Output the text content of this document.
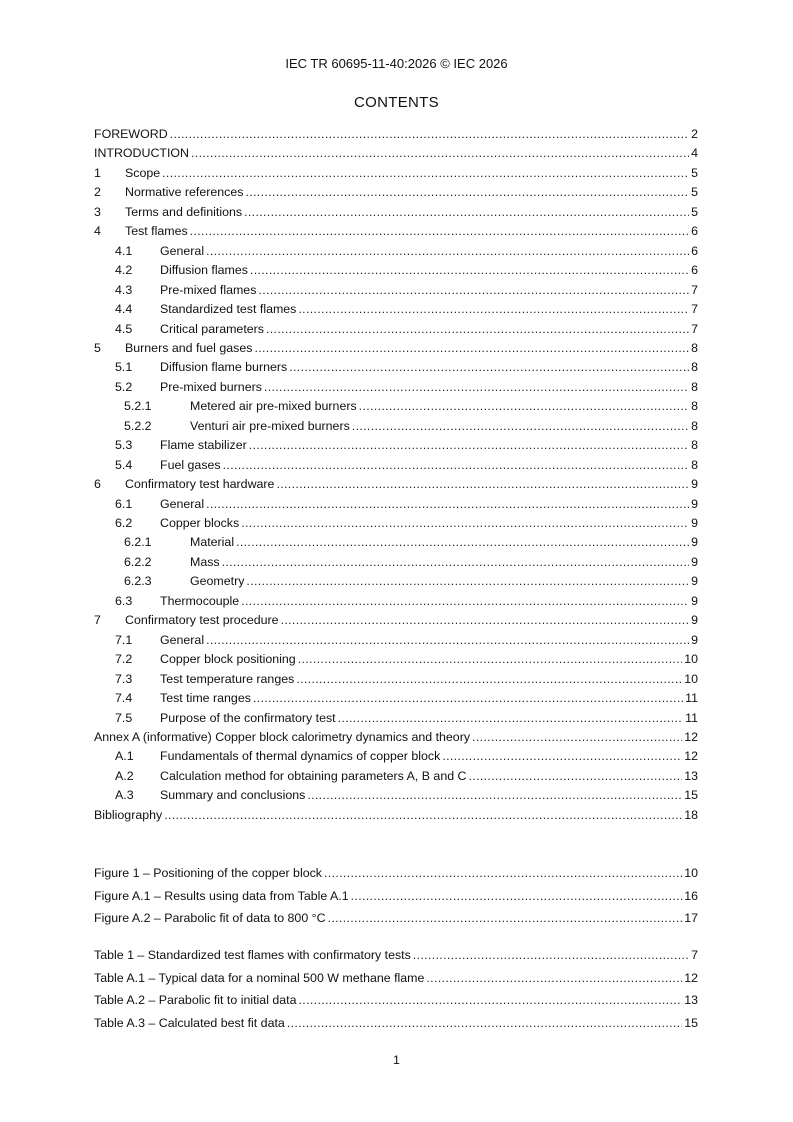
IEC TR 60695-11-40:2026 © IEC 2026
CONTENTS
FOREWORD . . .	2
INTRODUCTION . . .	4
1	Scope . . .	5
2	Normative references . . .	5
3	Terms and definitions . . .	5
4	Test flames . . .	6
4.1	General . . .	6
4.2	Diffusion flames . . .	6
4.3	Pre-mixed flames . . .	7
4.4	Standardized test flames . . .	7
4.5	Critical parameters . . .	7
5	Burners and fuel gases . . .	8
5.1	Diffusion flame burners . . .	8
5.2	Pre-mixed burners . . .	8
5.2.1	Metered air pre-mixed burners . . .	8
5.2.2	Venturi air pre-mixed burners . . .	8
5.3	Flame stabilizer . . .	8
5.4	Fuel gases . . .	8
6	Confirmatory test hardware . . .	9
6.1	General . . .	9
6.2	Copper blocks . . .	9
6.2.1	Material . . .	9
6.2.2	Mass . . .	9
6.2.3	Geometry . . .	9
6.3	Thermocouple . . .	9
7	Confirmatory test procedure . . .	9
7.1	General . . .	9
7.2	Copper block positioning . . .	10
7.3	Test temperature ranges . . .	10
7.4	Test time ranges . . .	11
7.5	Purpose of the confirmatory test . . .	11
Annex A (informative) Copper block calorimetry dynamics and theory . . .	12
A.1	Fundamentals of thermal dynamics of copper block . . .	12
A.2	Calculation method for obtaining parameters A, B and C . . .	13
A.3	Summary and conclusions . . .	15
Bibliography . . .	18
Figure 1 – Positioning of the copper block . . .	10
Figure A.1 – Results using data from Table A.1 . . .	16
Figure A.2 – Parabolic fit of data to 800 °C . . .	17
Table 1 – Standardized test flames with confirmatory tests . . .	7
Table A.1 – Typical data for a nominal 500 W methane flame . . .	12
Table A.2 – Parabolic fit to initial data . . .	13
Table A.3 – Calculated best fit data . . .	15
1
